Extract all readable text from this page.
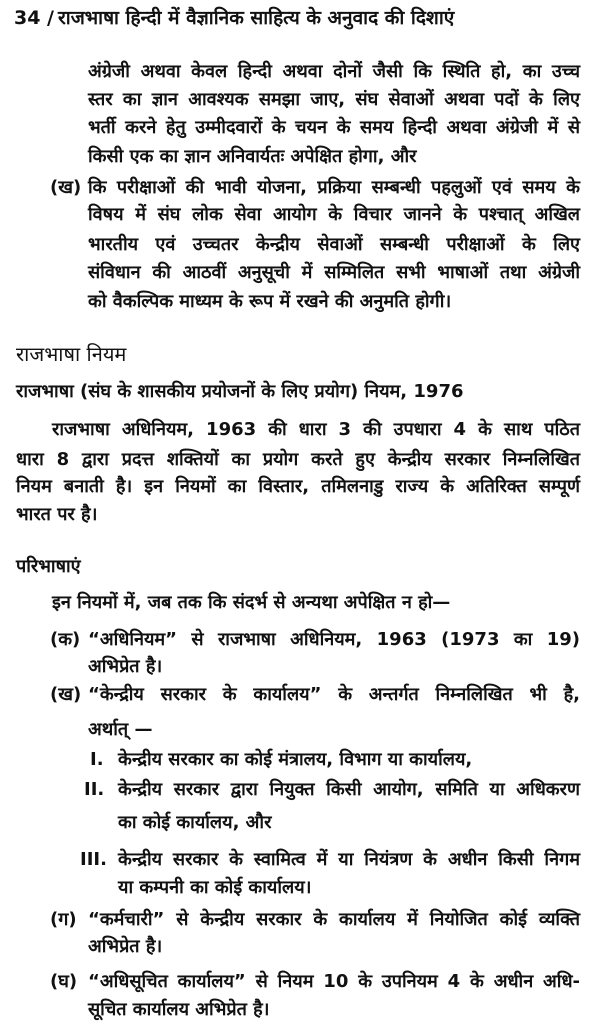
34 / राजभाषा हिन्दी में वैज्ञानिक साहित्य के अनुवाद की दिशाएं
अंग्रेजी अथवा केवल हिन्दी अथवा दोनों जैसी कि स्थिति हो, का उच्च
स्तर का ज्ञान आवश्यक समझा जाए, संघ सेवाओं अथवा पदों के लिए
भर्ती करने हेतु उम्मीदवारों के चयन के समय हिन्दी अथवा अंग्रेजी में से
किसी एक का ज्ञान अनिवार्यतः अपेक्षित होगा, और
(ख) कि परीक्षाओं की भावी योजना, प्रक्रिया सम्बन्धी पहलुओं एवं समय के
विषय में संघ लोक सेवा आयोग के विचार जानने के पश्चात् अखिल
भारतीय एवं उच्चतर केन्द्रीय सेवाओं सम्बन्धी परीक्षाओं के लिए
संविधान की आठवीं अनुसूची में सम्मिलित सभी भाषाओं तथा अंग्रेजी
को वैकल्पिक माध्यम के रूप में रखने की अनुमति होगी।
राजभाषा नियम
राजभाषा (संघ के शासकीय प्रयोजनों के लिए प्रयोग) नियम, 1976
राजभाषा अधिनियम, 1963 की धारा 3 की उपधारा 4 के साथ पठित
धारा 8 द्वारा प्रदत्त शक्तियों का प्रयोग करते हुए केन्द्रीय सरकार निम्नलिखित
नियम बनाती है। इन नियमों का विस्तार, तमिलनाडु राज्य के अतिरिक्त सम्पूर्ण
भारत पर है।
परिभाषाएं
इन नियमों में, जब तक कि संदर्भ से अन्यथा अपेक्षित न हो—
(क) “अधिनियम” से राजभाषा अधिनियम, 1963 (1973 का 19)
अभिप्रेत है।
(ख) “केन्द्रीय सरकार के कार्यालय” के अन्तर्गत निम्नलिखित भी है,
अर्थात् —
I. केन्द्रीय सरकार का कोई मंत्रालय, विभाग या कार्यालय,
II. केन्द्रीय सरकार द्वारा नियुक्त किसी आयोग, समिति या अधिकरण
का कोई कार्यालय, और
III. केन्द्रीय सरकार के स्वामित्व में या नियंत्रण के अधीन किसी निगम
या कम्पनी का कोई कार्यालय।
(ग) “कर्मचारी” से केन्द्रीय सरकार के कार्यालय में नियोजित कोई व्यक्ति
अभिप्रेत है।
(घ) “अधिसूचित कार्यालय” से नियम 10 के उपनियम 4 के अधीन अधि-
सूचित कार्यालय अभिप्रेत है।
